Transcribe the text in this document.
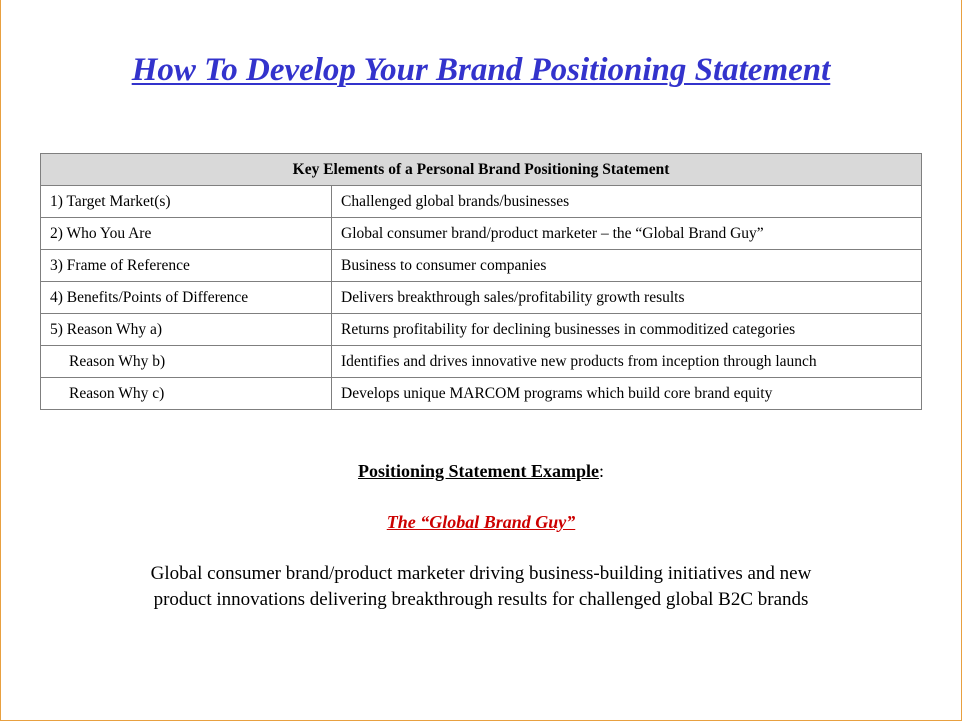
How To Develop Your Brand Positioning Statement
Key Elements of a Personal Brand Positioning Statement	
1) Target Market(s)	Challenged global brands/businesses
2) Who You Are	Global consumer brand/product marketer – the “Global Brand Guy”
3) Frame of Reference	Business to consumer companies
4) Benefits/Points of Difference	Delivers breakthrough sales/profitability growth results
5) Reason Why a)	Returns profitability for declining businesses in commoditized categories
Reason Why b)	Identifies and drives innovative new products from inception through launch
Reason Why c)	Develops unique MARCOM programs which build core brand equity
Positioning Statement Example:
The “Global Brand Guy”
Global consumer brand/product marketer driving business-building initiatives and new
product innovations delivering breakthrough results for challenged global B2C brands
